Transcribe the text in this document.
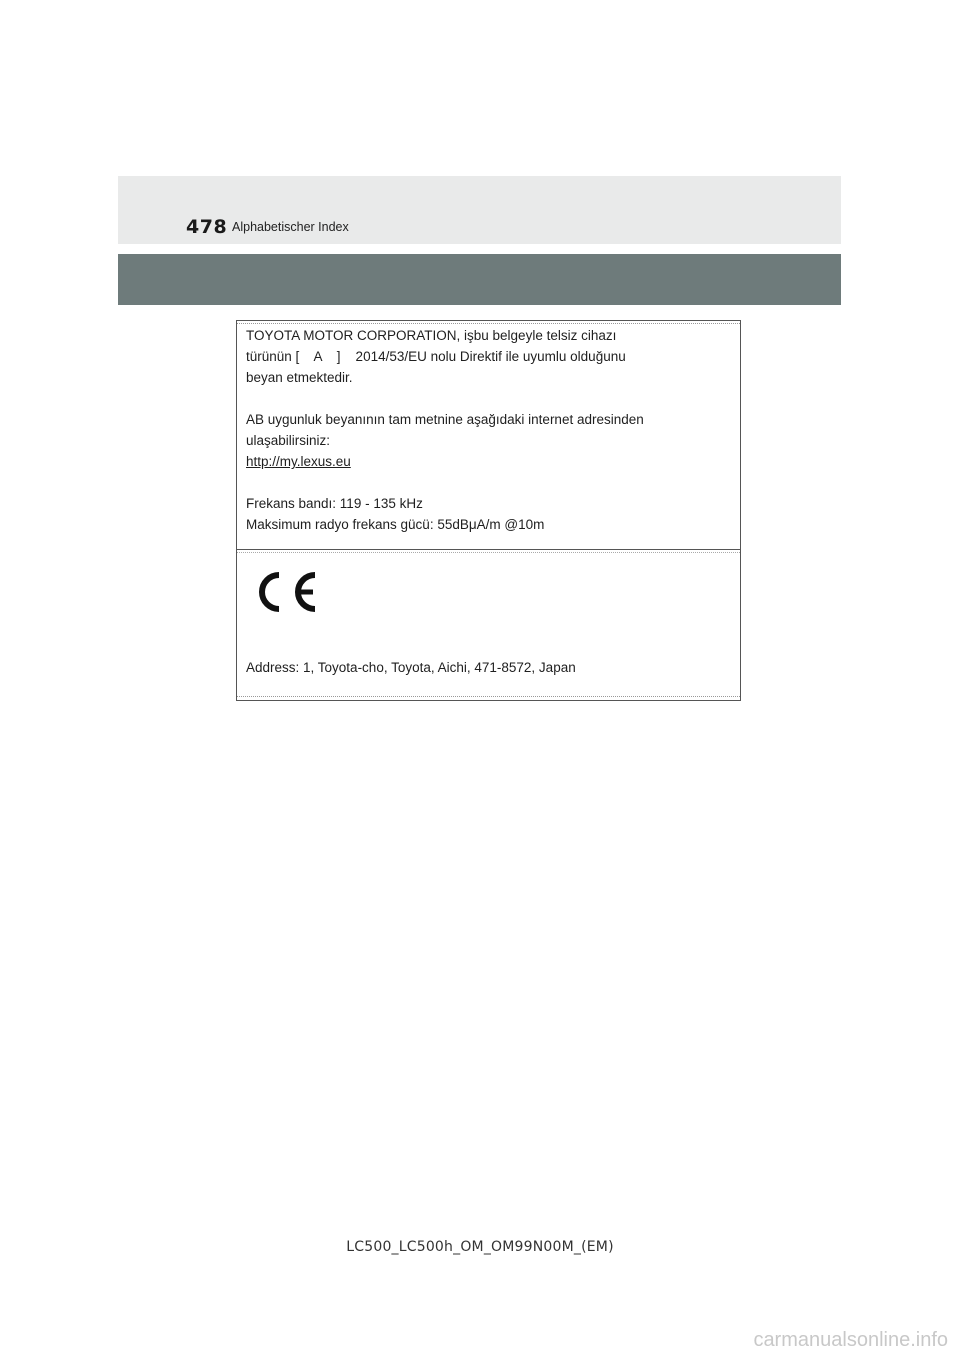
478 Alphabetischer Index
TOYOTA MOTOR CORPORATION, işbu belgeyle telsiz cihazı
türünün [    A    ]    2014/53/EU nolu Direktif ile uyumlu olduğunu
beyan etmektedir.
AB uygunluk beyanının tam metnine aşağıdaki internet adresinden
ulaşabilirsiniz:
http://my.lexus.eu
Frekans bandı: 119 - 135 kHz
Maksimum radyo frekans gücü: 55dBμA/m @10m
Address: 1, Toyota-cho, Toyota, Aichi, 471-8572, Japan
LC500_LC500h_OM_OM99N00M_(EM)
carmanualsonline.info
